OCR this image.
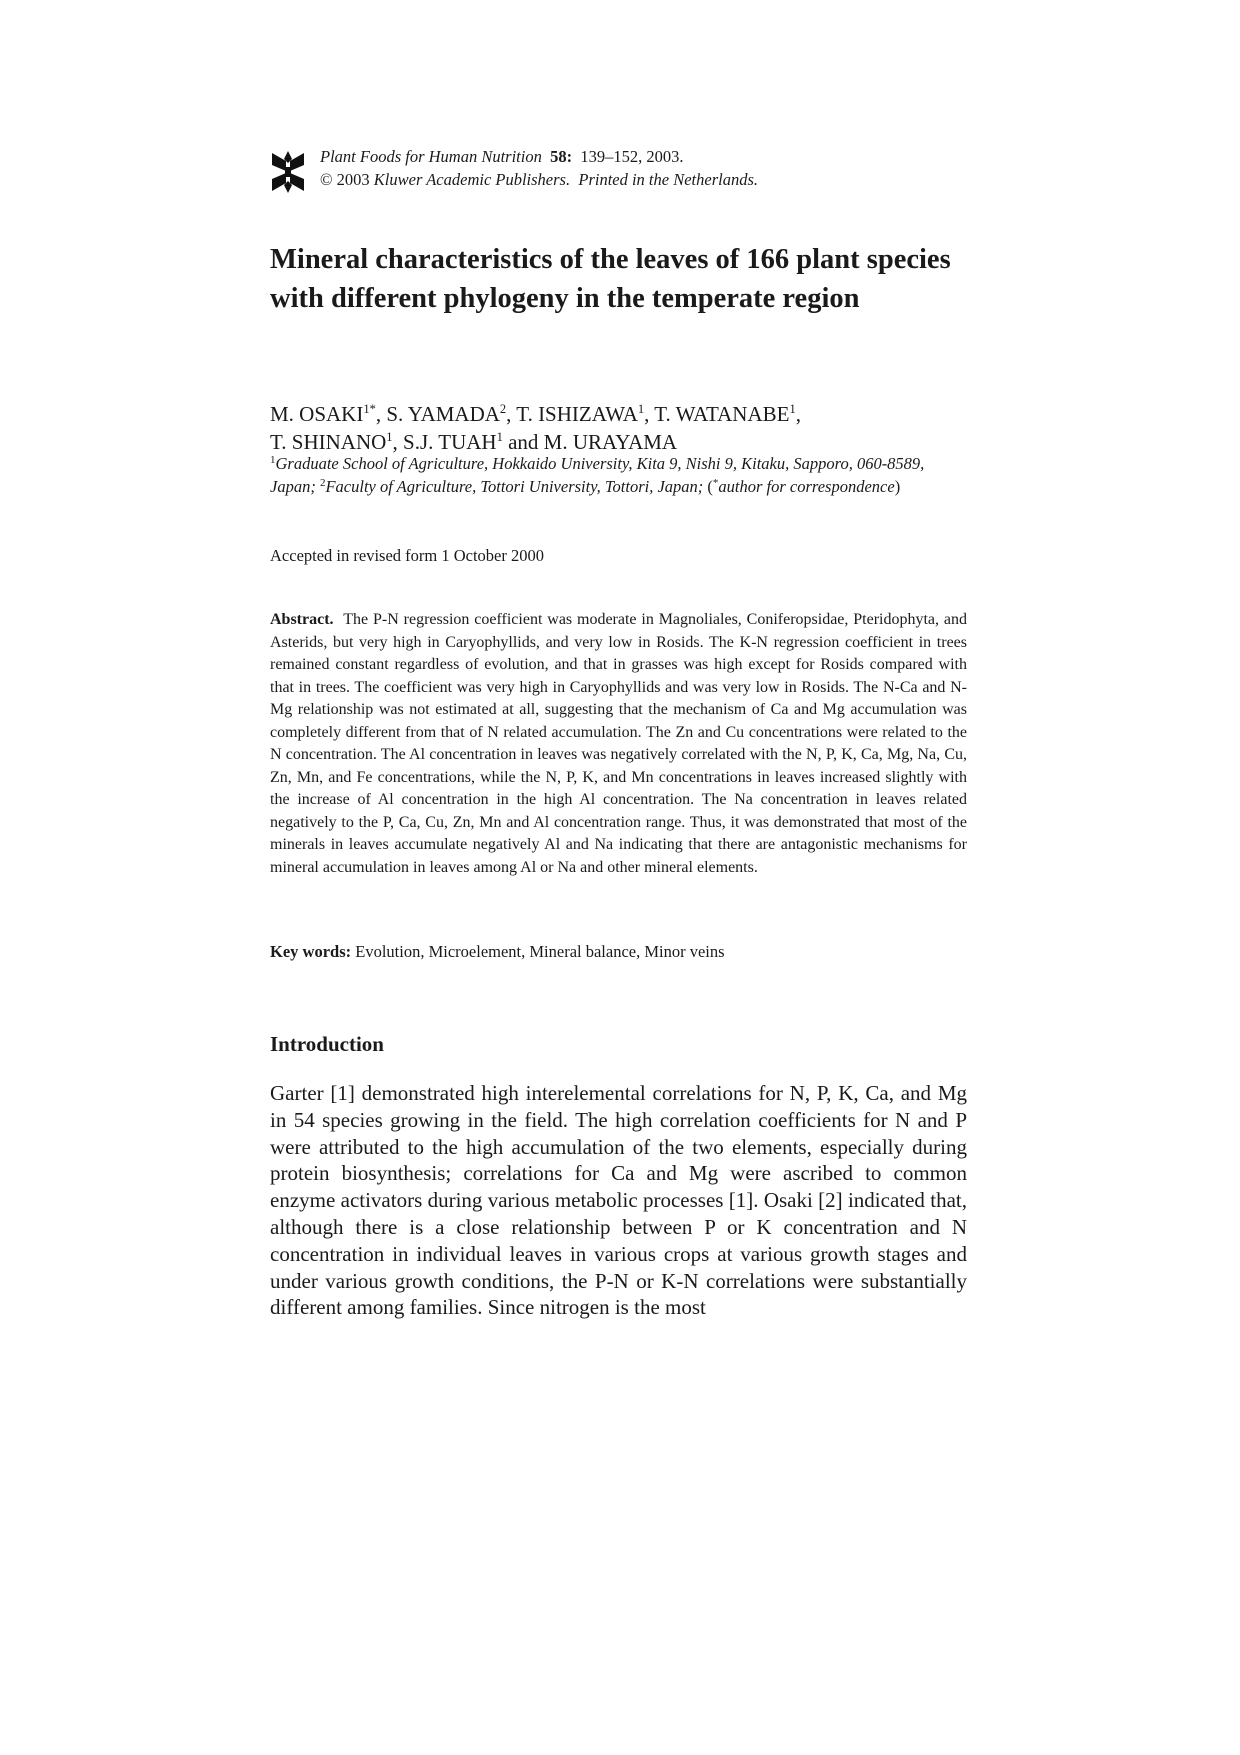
Plant Foods for Human Nutrition 58: 139–152, 2003.
© 2003 Kluwer Academic Publishers. Printed in the Netherlands.
Mineral characteristics of the leaves of 166 plant species with different phylogeny in the temperate region
M. $OSAKI^{1*}$, S. YAMADA$^2$, T. ISHIZAWA$^1$, T. WATANABE$^1$,
T. SHINANO$^1$, S.J. TUAH$^1$ and M. URAYAMA
$^1$Graduate School of Agriculture, Hokkaido University, Kita 9, Nishi 9, Kitaku, Sapporo, 060-8589, Japan; $^2$Faculty of Agriculture, Tottori University, Tottori, Japan; (*author for correspondence)
Accepted in revised form 1 October 2000
Abstract. The P-N regression coefficient was moderate in Magnoliales, Coniferopsidae, Pteridophyta, and Asterids, but very high in Caryophyllids, and very low in Rosids. The K-N regression coefficient in trees remained constant regardless of evolution, and that in grasses was high except for Rosids compared with that in trees. The coefficient was very high in Caryophyllids and was very low in Rosids. The N-Ca and N-Mg relationship was not estimated at all, suggesting that the mechanism of Ca and Mg accumulation was completely different from that of N related accumulation. The Zn and Cu concentrations were related to the N concentration. The Al concentration in leaves was negatively correlated with the N, P, K, Ca, Mg, Na, Cu, Zn, Mn, and Fe concentrations, while the N, P, K, and Mn concentrations in leaves increased slightly with the increase of Al concentration in the high Al concentration. The Na concentration in leaves related negatively to the P, Ca, Cu, Zn, Mn and Al concentration range. Thus, it was demonstrated that most of the minerals in leaves accumulate negatively Al and Na indicating that there are antagonistic mechanisms for mineral accumulation in leaves among Al or Na and other mineral elements.
Key words: Evolution, Microelement, Mineral balance, Minor veins
Introduction

Garter [1] demonstrated high interelemental correlations for N, P, K, Ca, and Mg in 54 species growing in the field. The high correlation coefficients for N and P were attributed to the high accumulation of the two elements, especially during protein biosynthesis; correlations for Ca and Mg were ascribed to common enzyme activators during various metabolic processes [1]. Osaki [2] indicated that, although there is a close relationship between P or K concentration and N concentration in individual leaves in various crops at various growth stages and under various growth conditions, the P-N or K-N correlations were substantially different among families. Since nitrogen is the most
